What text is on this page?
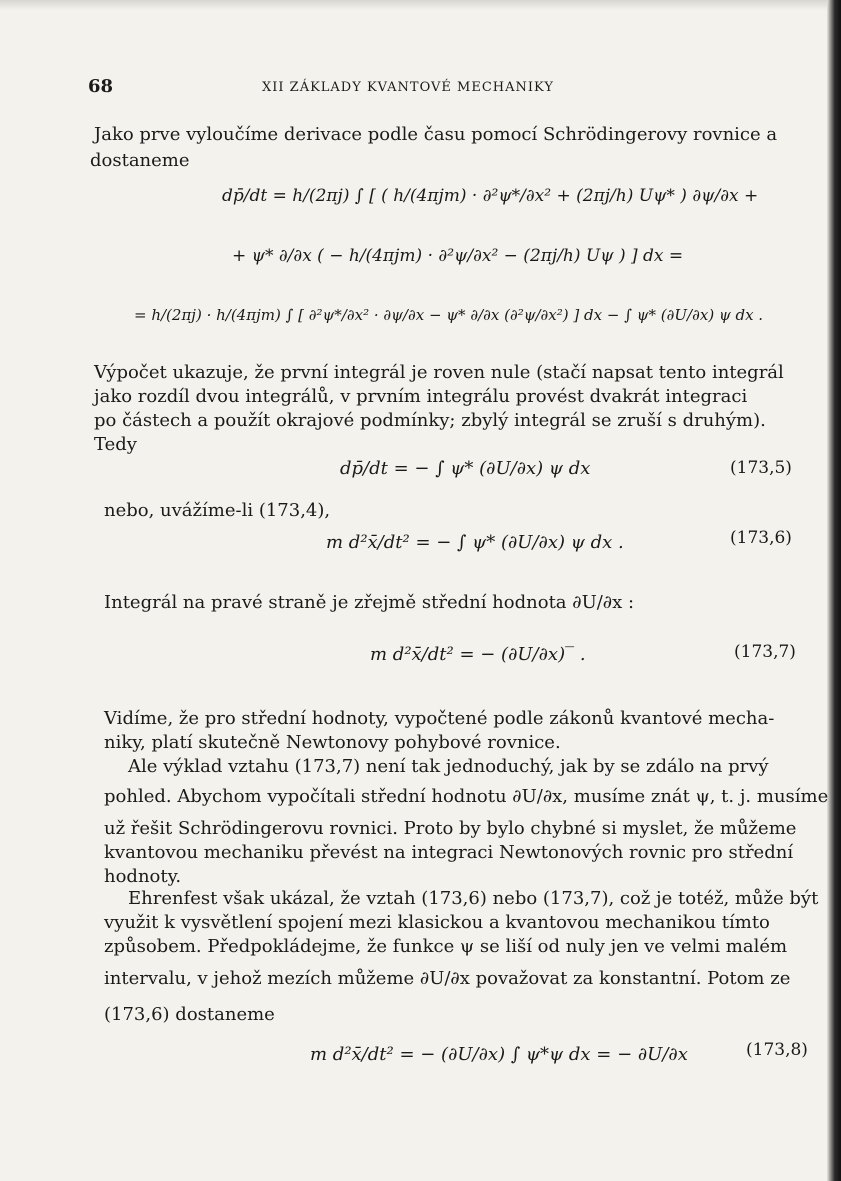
68	XII ZÁKLADY KVANTOVÉ MECHANIKY
Jako prve vyloučíme derivace podle času pomocí Schrödingerovy rovnice a
dostaneme
dp̄/dt = h/(2πj) ∫ [ ( h/(4πjm) · ∂²ψ*/∂x² + (2πj/h) Uψ* ) ∂ψ/∂x +
+ ψ* ∂/∂x ( − h/(4πjm) · ∂²ψ/∂x² − (2πj/h) Uψ ) ] dx =
= h/(2πj) · h/(4πjm) ∫ [ ∂²ψ*/∂x² · ∂ψ/∂x − ψ* ∂/∂x (∂²ψ/∂x²) ] dx − ∫ ψ* (∂U/∂x) ψ dx .
Výpočet ukazuje, že první integrál je roven nule (stačí napsat tento integrál
jako rozdíl dvou integrálů, v prvním integrálu provést dvakrát integraci
po částech a použít okrajové podmínky; zbylý integrál se zruší s druhým).
Tedy
dp̄/dt = − ∫ ψ* (∂U/∂x) ψ dx	(173,5)
nebo, uvážíme-li (173,4),
m d²x̄/dt² = − ∫ ψ* (∂U/∂x) ψ dx .	(173,6)
Integrál na pravé straně je zřejmě střední hodnota ∂U/∂x :
m d²x̄/dt² = − (∂U/∂x)‾ .	(173,7)
Vidíme, že pro střední hodnoty, vypočtené podle zákonů kvantové mecha-
niky, platí skutečně Newtonovy pohybové rovnice.
Ale výklad vztahu (173,7) není tak jednoduchý, jak by se zdálo na prvý
pohled. Abychom vypočítali střední hodnotu ∂U/∂x, musíme znát ψ, t. j. musíme
už řešit Schrödingerovu rovnici. Proto by bylo chybné si myslet, že můžeme
kvantovou mechaniku převést na integraci Newtonových rovnic pro střední
hodnoty.
Ehrenfest však ukázal, že vztah (173,6) nebo (173,7), což je totéž, může být
využit k vysvětlení spojení mezi klasickou a kvantovou mechanikou tímto
způsobem. Předpokládejme, že funkce ψ se liší od nuly jen ve velmi malém
intervalu, v jehož mezích můžeme ∂U/∂x považovat za konstantní. Potom ze
(173,6) dostaneme
m d²x̄/dt² = − (∂U/∂x) ∫ ψ*ψ dx = − ∂U/∂x	(173,8)
